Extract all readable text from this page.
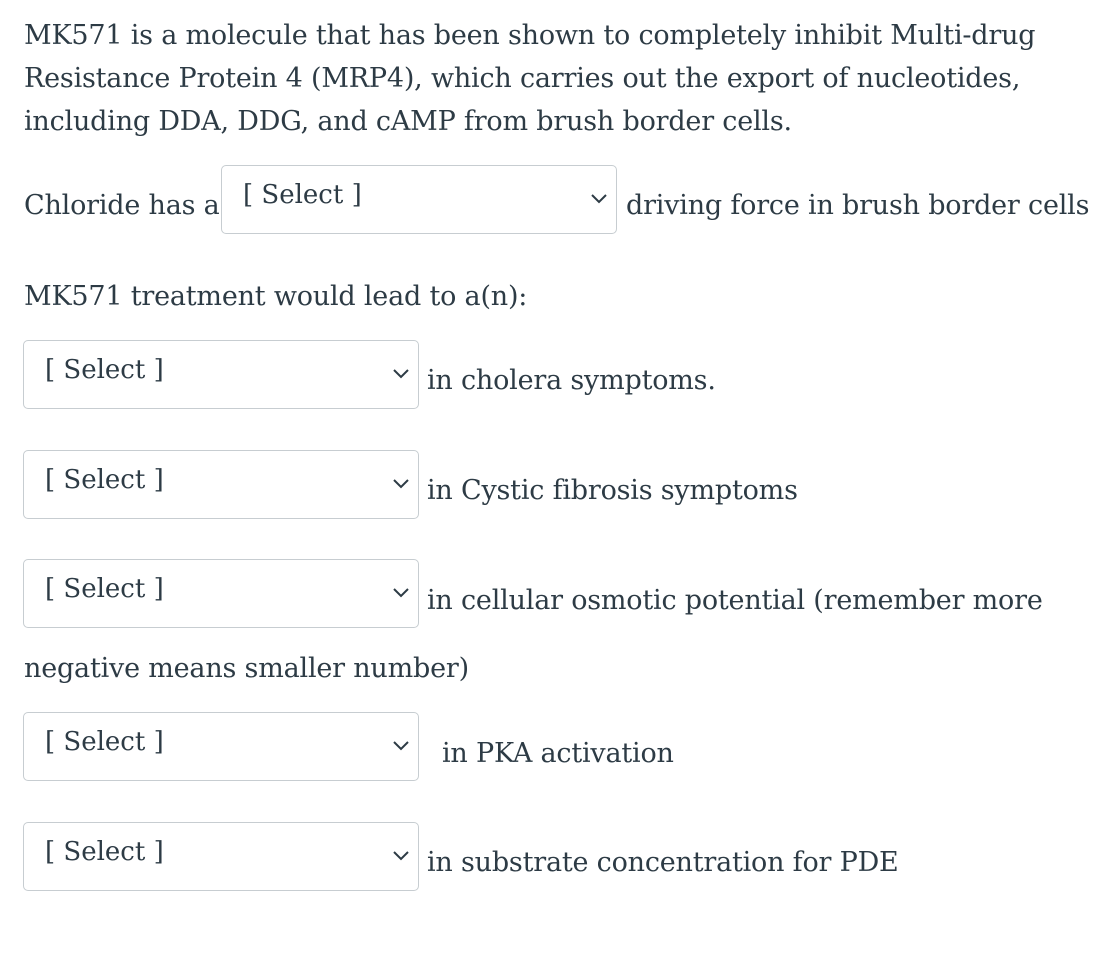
MK571 is a molecule that has been shown to completely inhibit Multi-drug Resistance Protein 4 (MRP4), which carries out the export of nucleotides, including DDA, DDG, and cAMP from brush border cells.
Chloride has a [ Select ]	driving force in brush border cells
MK571 treatment would lead to a(n):
[ Select ]	in cholera symptoms.
[ Select ]	in Cystic fibrosis symptoms
[ Select ]	in cellular osmotic potential (remember more
negative means smaller number)
[ Select ]	in PKA activation
[ Select ]	in substrate concentration for PDE
